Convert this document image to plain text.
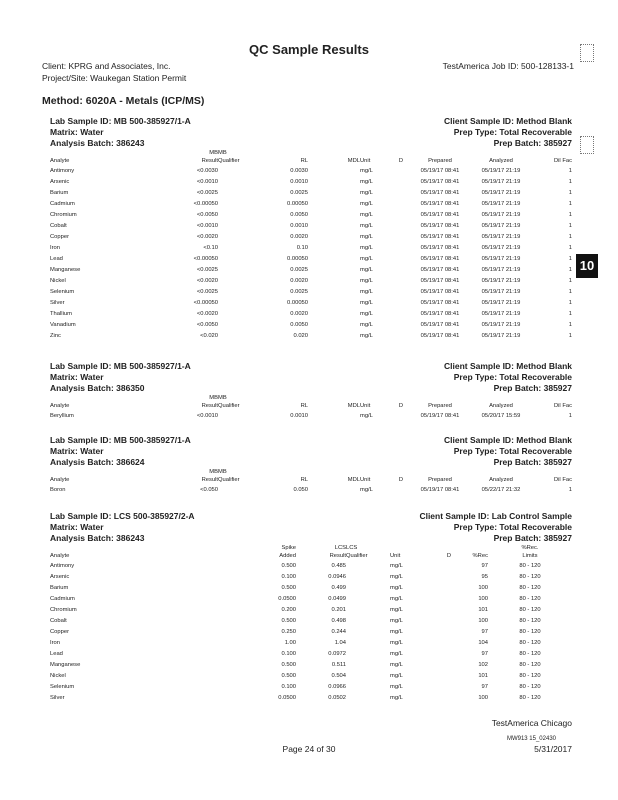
QC Sample Results
Client: KPRG and Associates, Inc.
Project/Site: Waukegan Station Permit
TestAmerica Job ID: 500-128133-1
Method: 6020A - Metals (ICP/MS)
10
Lab Sample ID: MB 500-385927/1-A
Matrix: Water
Analysis Batch: 386243
Client Sample ID: Method Blank
Prep Type: Total Recoverable
Prep Batch: 385927
	MB	MB							
Analyte	Result	Qualifier	RL	MDL	Unit	D	Prepared	Analyzed	Dil Fac
Antimony	<0.0030		0.0030		mg/L		05/19/17 08:41	05/19/17 21:19	1
Arsenic	<0.0010		0.0010		mg/L		05/19/17 08:41	05/19/17 21:19	1
Barium	<0.0025		0.0025		mg/L		05/19/17 08:41	05/19/17 21:19	1
Cadmium	<0.00050		0.00050		mg/L		05/19/17 08:41	05/19/17 21:19	1
Chromium	<0.0050		0.0050		mg/L		05/19/17 08:41	05/19/17 21:19	1
Cobalt	<0.0010		0.0010		mg/L		05/19/17 08:41	05/19/17 21:19	1
Copper	<0.0020		0.0020		mg/L		05/19/17 08:41	05/19/17 21:19	1
Iron	<0.10		0.10		mg/L		05/19/17 08:41	05/19/17 21:19	1
Lead	<0.00050		0.00050		mg/L		05/19/17 08:41	05/19/17 21:19	1
Manganese	<0.0025		0.0025		mg/L		05/19/17 08:41	05/19/17 21:19	1
Nickel	<0.0020		0.0020		mg/L		05/19/17 08:41	05/19/17 21:19	1
Selenium	<0.0025		0.0025		mg/L		05/19/17 08:41	05/19/17 21:19	1
Silver	<0.00050		0.00050		mg/L		05/19/17 08:41	05/19/17 21:19	1
Thallium	<0.0020		0.0020		mg/L		05/19/17 08:41	05/19/17 21:19	1
Vanadium	<0.0050		0.0050		mg/L		05/19/17 08:41	05/19/17 21:19	1
Zinc	<0.020		0.020		mg/L		05/19/17 08:41	05/19/17 21:19	1
Lab Sample ID: MB 500-385927/1-A
Matrix: Water
Analysis Batch: 386350
Client Sample ID: Method Blank
Prep Type: Total Recoverable
Prep Batch: 385927
	MB	MB							
Analyte	Result	Qualifier	RL	MDL	Unit	D	Prepared	Analyzed	Dil Fac
Beryllium	<0.0010		0.0010		mg/L		05/19/17 08:41	05/20/17 15:59	1
Lab Sample ID: MB 500-385927/1-A
Matrix: Water
Analysis Batch: 386624
Client Sample ID: Method Blank
Prep Type: Total Recoverable
Prep Batch: 385927
	MB	MB							
Analyte	Result	Qualifier	RL	MDL	Unit	D	Prepared	Analyzed	Dil Fac
Boron	<0.050		0.050		mg/L		05/19/17 08:41	05/22/17 21:32	1
Lab Sample ID: LCS 500-385927/2-A
Matrix: Water
Analysis Batch: 386243
Client Sample ID: Lab Control Sample
Prep Type: Total Recoverable
Prep Batch: 385927
	Spike	LCS	LCS				%Rec.
Analyte	Added	Result	Qualifier	Unit	D	%Rec	Limits
Antimony	0.500	0.485		mg/L		97	80 - 120
Arsenic	0.100	0.0946		mg/L		95	80 - 120
Barium	0.500	0.499		mg/L		100	80 - 120
Cadmium	0.0500	0.0499		mg/L		100	80 - 120
Chromium	0.200	0.201		mg/L		101	80 - 120
Cobalt	0.500	0.498		mg/L		100	80 - 120
Copper	0.250	0.244		mg/L		97	80 - 120
Iron	1.00	1.04		mg/L		104	80 - 120
Lead	0.100	0.0972		mg/L		97	80 - 120
Manganese	0.500	0.511		mg/L		102	80 - 120
Nickel	0.500	0.504		mg/L		101	80 - 120
Selenium	0.100	0.0966		mg/L		97	80 - 120
Silver	0.0500	0.0502		mg/L		100	80 - 120
TestAmerica Chicago
Page 24 of 30
MW913 15_02430
5/31/2017
